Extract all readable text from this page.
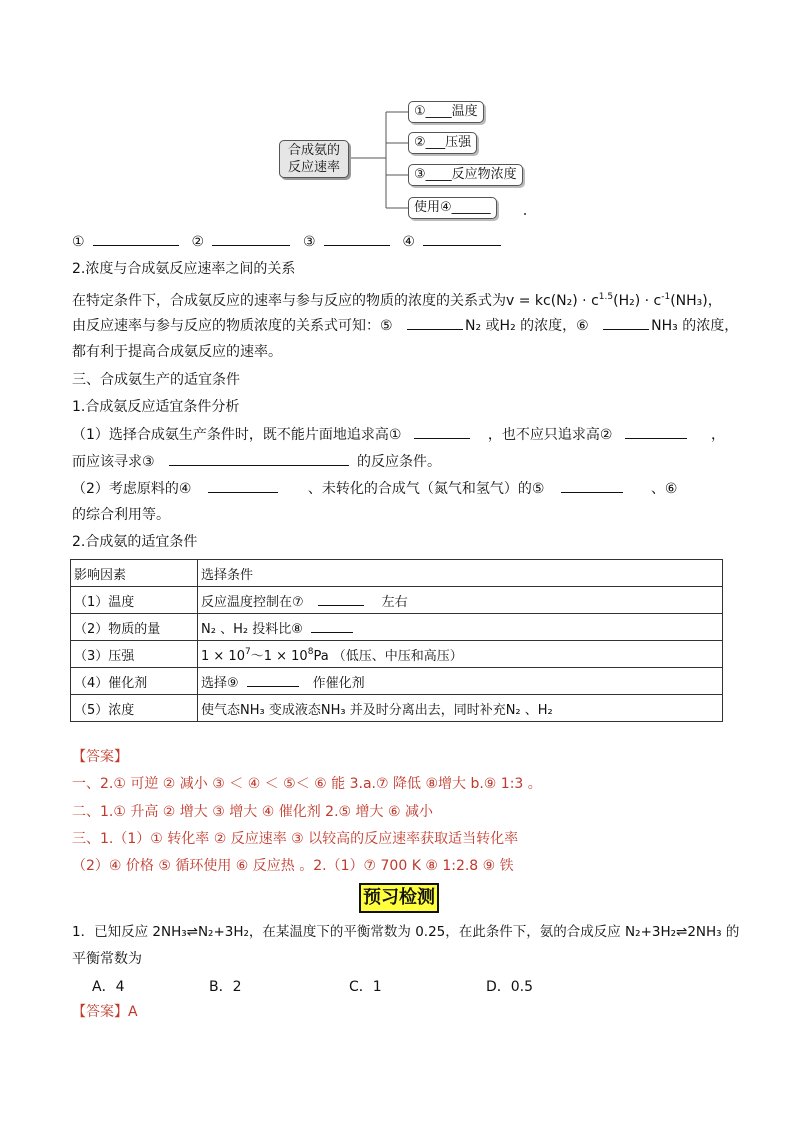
合成氨的
反应速率
①____温度
②___压强
③____反应物浓度
使用④______
①	②	③	④
2.浓度与合成氨反应速率之间的关系
在特定条件下，合成氨反应的速率与参与反应的物质的浓度的关系式为$v = kc(N_2) \cdot c^{1.5}(H_2) \cdot c^{-1}(NH_3)$，
由反应速率与参与反应的物质浓度的关系式可知：⑤	N₂ 或H₂ 的浓度，⑥	NH₃ 的浓度，
都有利于提高合成氨反应的速率。
三、合成氨生产的适宜条件
1.合成氨反应适宜条件分析
（1）选择合成氨生产条件时，既不能片面地追求高①	，也不应只追求高②	，
而应该寻求③	的反应条件。
（2）考虑原料的④	、未转化的合成气（氮气和氢气）的⑤	、⑥
的综合利用等。
2.合成氨的适宜条件
影响因素	选择条件
（1）温度	反应温度控制在⑦ 左右
（2）物质的量	N₂ 、H₂ 投料比⑧
（3）压强	$1 \times 10^7\sim 1 \times 10^8Pa$ （低压、中压和高压）
（4）催化剂	选择⑨ 作催化剂
（5）浓度	使气态NH₃ 变成液态NH₃ 并及时分离出去，同时补充N₂ 、H₂
【答案】
一、2.① 可逆 ② 减小 ③ ＜ ④ ＜ ⑤＜ ⑥ 能 3.a.⑦ 降低 ⑧增大 b.⑨ 1:3 。
二、1.① 升高 ② 增大 ③ 增大 ④ 催化剂 2.⑤ 增大 ⑥ 减小
三、1.（1）① 转化率 ② 反应速率 ③ 以较高的反应速率获取适当转化率
（2）④ 价格 ⑤ 循环使用 ⑥ 反应热 。2.（1）⑦ 700 K ⑧ 1:2.8 ⑨ 铁
预习检测
1．已知反应 2NH₃⇌N₂+3H₂，在某温度下的平衡常数为 0.25，在此条件下，氨的合成反应 N₂+3H₂⇌2NH₃ 的
平衡常数为
A．4	B．2	C．1	D．0.5
【答案】A
